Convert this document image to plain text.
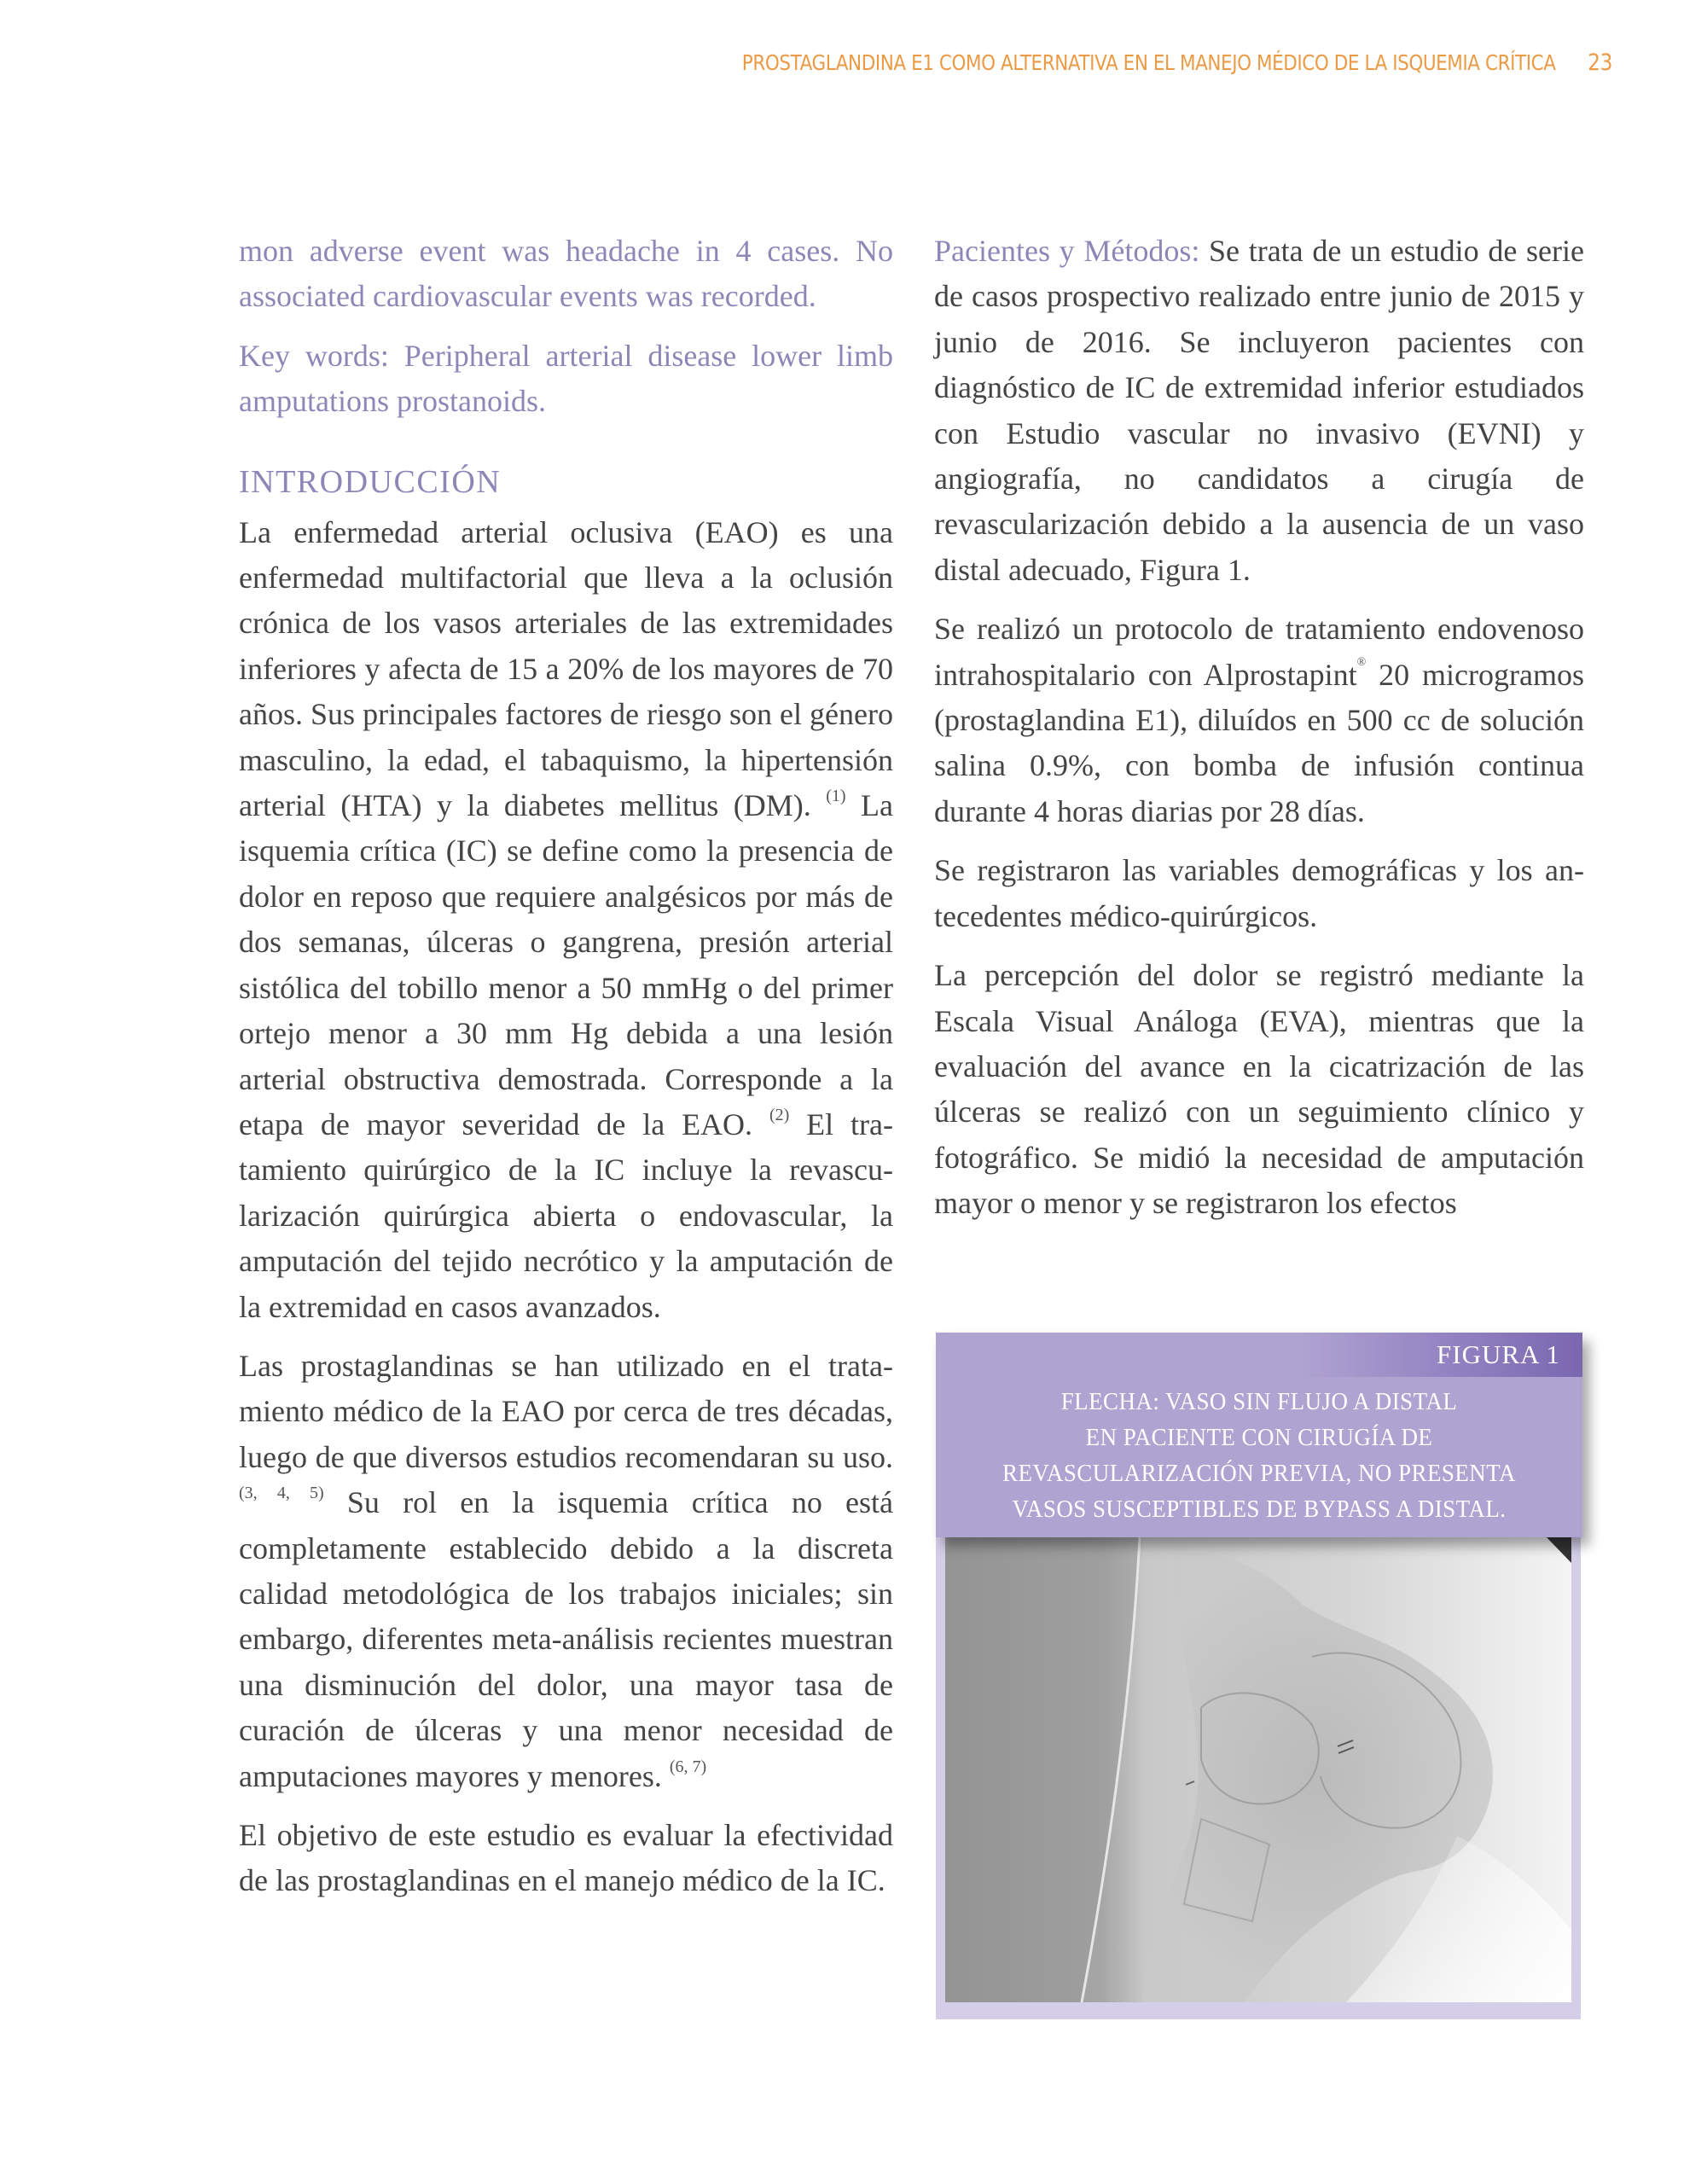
PROSTAGLANDINA E1 COMO ALTERNATIVA EN EL MANEJO MÉDICO DE LA ISQUEMIA CRÍTICA 23

mon adverse event was headache in 4 cases. No associated cardiovascular events was recorded.

Key words: Peripheral arterial disease lower limb amputations prostanoids.

INTRODUCCIÓN

La enfermedad arterial oclusiva (EAO) es una enfermedad multifactorial que lleva a la oclusión crónica de los vasos arteriales de las extremidades inferiores y afecta de 15 a 20% de los mayores de 70 años. Sus principales factores de riesgo son el género masculino, la edad, el tabaquismo, la hipertensión arterial (HTA) y la diabetes mellitus (DM). $^{(1)}$ La isquemia crítica (IC) se define como la presencia de dolor en reposo que requiere analgésicos por más de dos semanas, úlceras o gangrena, presión arterial sistólica del tobillo menor a 50 mmHg o del primer ortejo menor a 30 mm Hg debida a una lesión arterial obstructiva demostrada. Corresponde a la etapa de mayor severidad de la EAO. $^{(2)}$ El tratamiento quirúrgico de la IC incluye la revascularización quirúrgica abierta o endovascular, la amputación del tejido necrótico y la amputación de la extremidad en casos avanzados.

Las prostaglandinas se han utilizado en el tratamiento médico de la EAO por cerca de tres décadas, luego de que diversos estudios recomendaran su uso. $^{(3, 4, 5)}$ Su rol en la isquemia crítica no está completamente establecido debido a la discreta calidad metodológica de los trabajos iniciales; sin embargo, diferentes meta-análisis recientes muestran una disminución del dolor, una mayor tasa de curación de úlceras y una menor necesidad de amputaciones mayores y menores. $^{(6, 7)}$

El objetivo de este estudio es evaluar la efectividad de las prostaglandinas en el manejo médico de la IC.

Pacientes y Métodos: Se trata de un estudio de serie de casos prospectivo realizado entre junio de 2015 y junio de 2016. Se incluyeron pacientes con diagnóstico de IC de extremidad inferior estudiados con Estudio vascular no invasivo (EVNI) y angiografía, no candidatos a cirugía de revascularización debido a la ausencia de un vaso distal adecuado, Figura 1.

Se realizó un protocolo de tratamiento endovenoso intrahospitalario con Alprostapint® 20 microgramos (prostaglandina E1), diluídos en 500 cc de solución salina 0.9%, con bomba de infusión continua durante 4 horas diarias por 28 días.

Se registraron las variables demográficas y los antecedentes médico-quirúrgicos.

La percepción del dolor se registró mediante la Escala Visual Análoga (EVA), mientras que la evaluación del avance en la cicatrización de las úlceras se realizó con un seguimiento clínico y fotográfico. Se midió la necesidad de amputación mayor o menor y se registraron los efectos

FIGURA 1
FLECHA: VASO SIN FLUJO A DISTAL
EN PACIENTE CON CIRUGÍA DE
REVASCULARIZACIÓN PREVIA, NO PRESENTA
VASOS SUSCEPTIBLES DE BYPASS A DISTAL.
